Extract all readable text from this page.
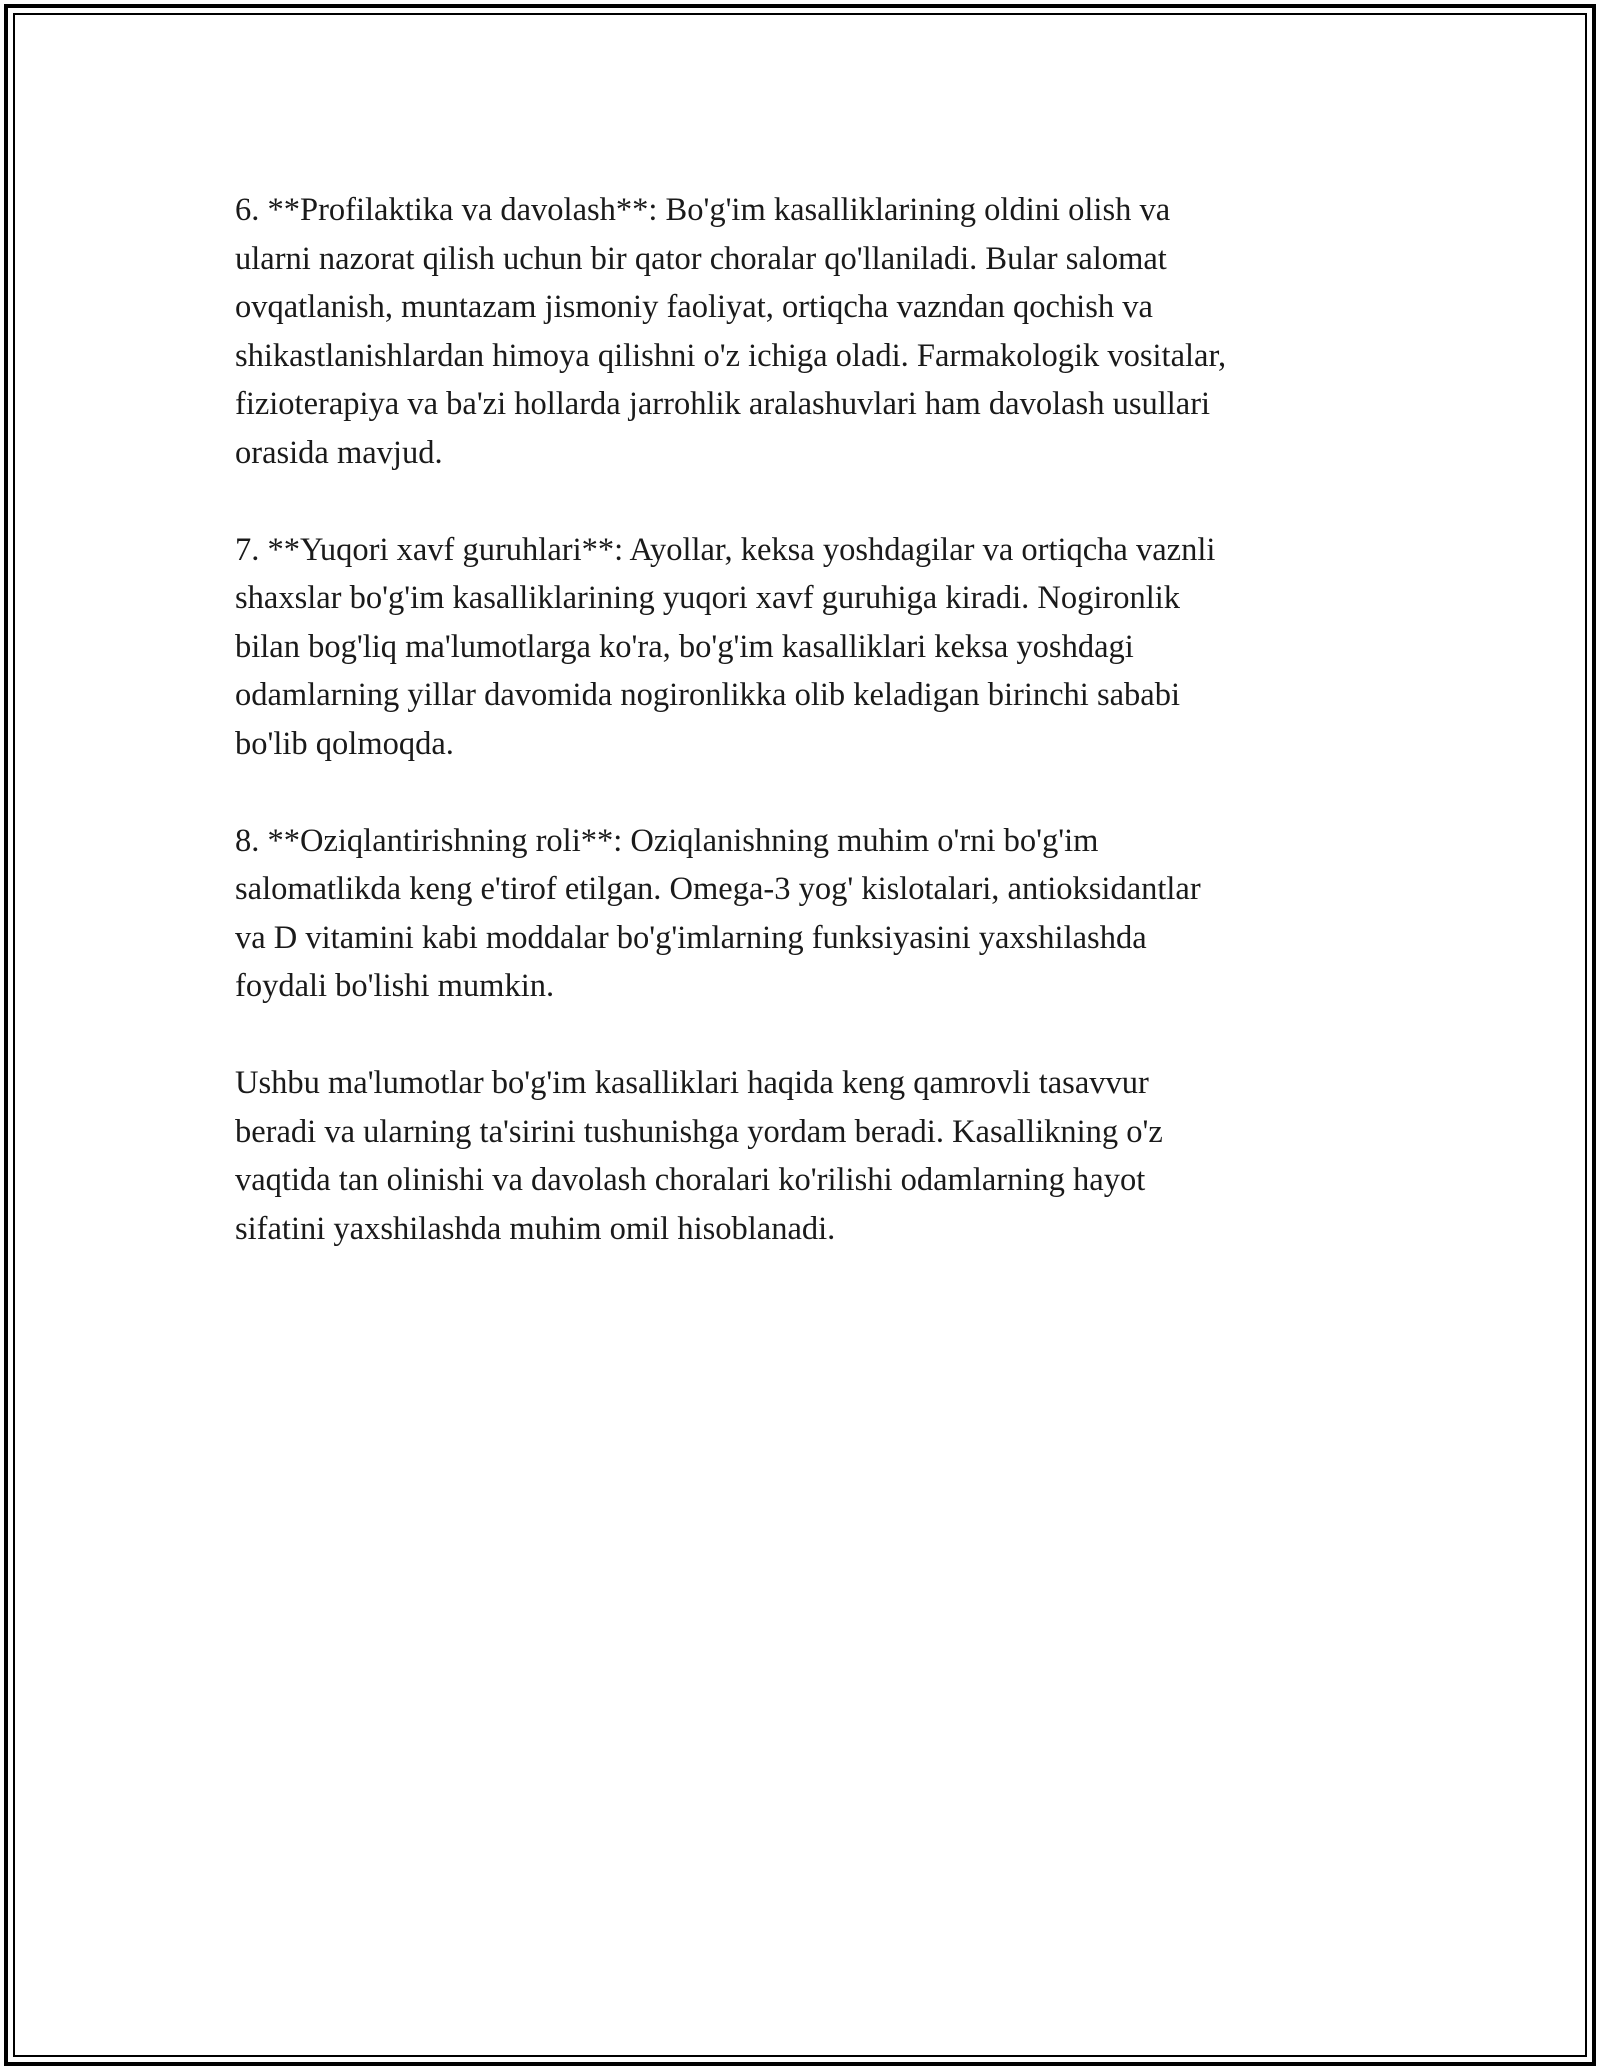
6. **Profilaktika va davolash**: Bo'g'im kasalliklarining oldini olish va
ularni nazorat qilish uchun bir qator choralar qo'llaniladi. Bular salomat
ovqatlanish, muntazam jismoniy faoliyat, ortiqcha vazndan qochish va
shikastlanishlardan himoya qilishni o'z ichiga oladi. Farmakologik vositalar,
fizioterapiya va ba'zi hollarda jarrohlik aralashuvlari ham davolash usullari
orasida mavjud.

7. **Yuqori xavf guruhlari**: Ayollar, keksa yoshdagilar va ortiqcha vaznli
shaxslar bo'g'im kasalliklarining yuqori xavf guruhiga kiradi. Nogironlik
bilan bog'liq ma'lumotlarga ko'ra, bo'g'im kasalliklari keksa yoshdagi
odamlarning yillar davomida nogironlikka olib keladigan birinchi sababi
bo'lib qolmoqda.

8. **Oziqlantirishning roli**: Oziqlanishning muhim o'rni bo'g'im
salomatlikda keng e'tirof etilgan. Omega-3 yog' kislotalari, antioksidantlar
va D vitamini kabi moddalar bo'g'imlarning funksiyasini yaxshilashda
foydali bo'lishi mumkin.

Ushbu ma'lumotlar bo'g'im kasalliklari haqida keng qamrovli tasavvur
beradi va ularning ta'sirini tushunishga yordam beradi. Kasallikning o'z
vaqtida tan olinishi va davolash choralari ko'rilishi odamlarning hayot
sifatini yaxshilashda muhim omil hisoblanadi.
